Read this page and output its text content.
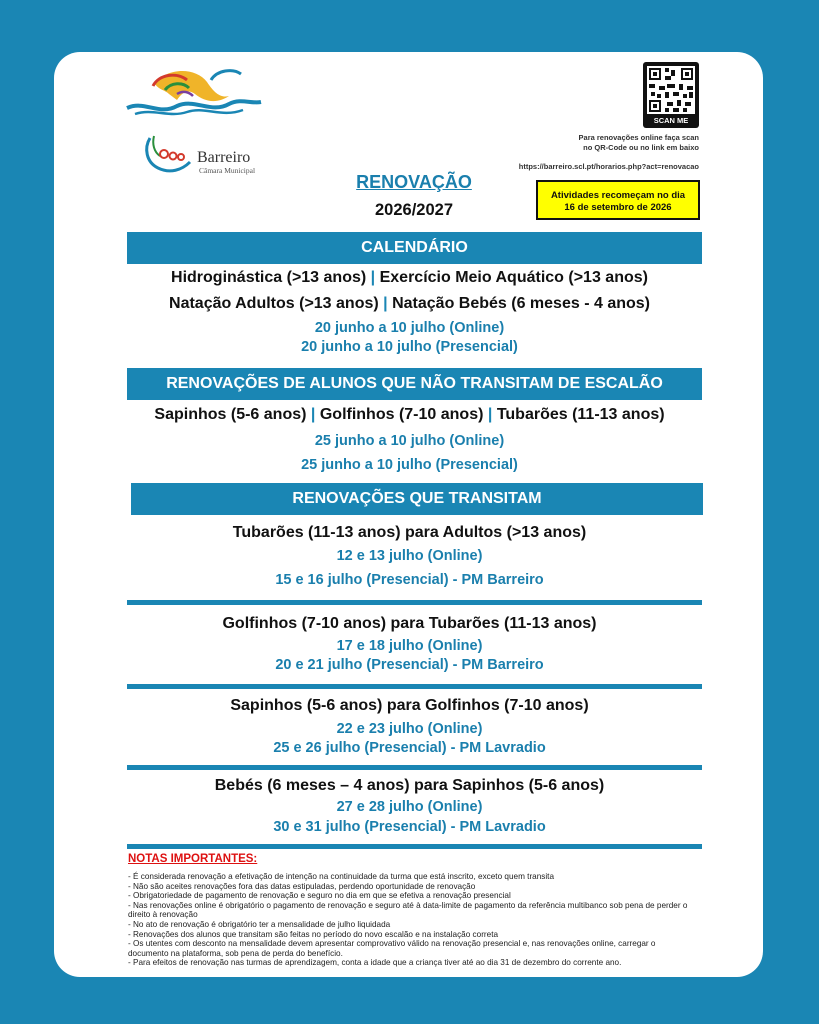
Barreiro
Câmara Municipal
SCAN ME
Para renovações online faça scan
no QR-Code ou no link em baixo
https://barreiro.scl.pt/horarios.php?act=renovacao
RENOVAÇÃO
2026/2027
Atividades recomeçam no dia
16 de setembro de 2026
CALENDÁRIO
Hidroginástica (>13 anos) | Exercício Meio Aquático (>13 anos)
Natação Adultos (>13 anos) | Natação Bebés (6 meses - 4 anos)
20 junho a 10 julho (Online)
20 junho a 10 julho (Presencial)
RENOVAÇÕES DE ALUNOS QUE NÃO TRANSITAM DE ESCALÃO
Sapinhos (5-6 anos) | Golfinhos (7-10 anos) | Tubarões (11-13 anos)
25 junho a 10 julho (Online)
25 junho a 10 julho (Presencial)
RENOVAÇÕES QUE TRANSITAM
Tubarões (11-13 anos) para Adultos (>13 anos)
12 e 13 julho (Online)
15 e 16 julho (Presencial) - PM Barreiro
Golfinhos (7-10 anos) para Tubarões (11-13 anos)
17 e 18 julho (Online)
20 e 21 julho (Presencial) - PM Barreiro
Sapinhos (5-6 anos) para Golfinhos (7-10 anos)
22 e 23 julho (Online)
25 e 26 julho (Presencial) - PM Lavradio
Bebés (6 meses – 4 anos) para Sapinhos (5-6 anos)
27 e 28 julho (Online)
30 e 31 julho (Presencial) - PM Lavradio
NOTAS IMPORTANTES:
- É considerada renovação a efetivação de intenção na continuidade da turma que está inscrito, exceto quem transita
- Não são aceites renovações fora das datas estipuladas, perdendo oportunidade de renovação
- Obrigatoriedade de pagamento de renovação e seguro no dia em que se efetiva a renovação presencial
- Nas renovações online é obrigatório o pagamento de renovação e seguro até à data-limite de pagamento da referência multibanco sob pena de perder o direito à renovação
- No ato de renovação é obrigatório ter a mensalidade de julho liquidada
- Renovações dos alunos que transitam são feitas no período do novo escalão e na instalação correta
- Os utentes com desconto na mensalidade devem apresentar comprovativo válido na renovação presencial e, nas renovações online, carregar o documento na plataforma, sob pena de perda do benefício.
- Para efeitos de renovação nas turmas de aprendizagem, conta a idade que a criança tiver até ao dia 31 de dezembro do corrente ano.
